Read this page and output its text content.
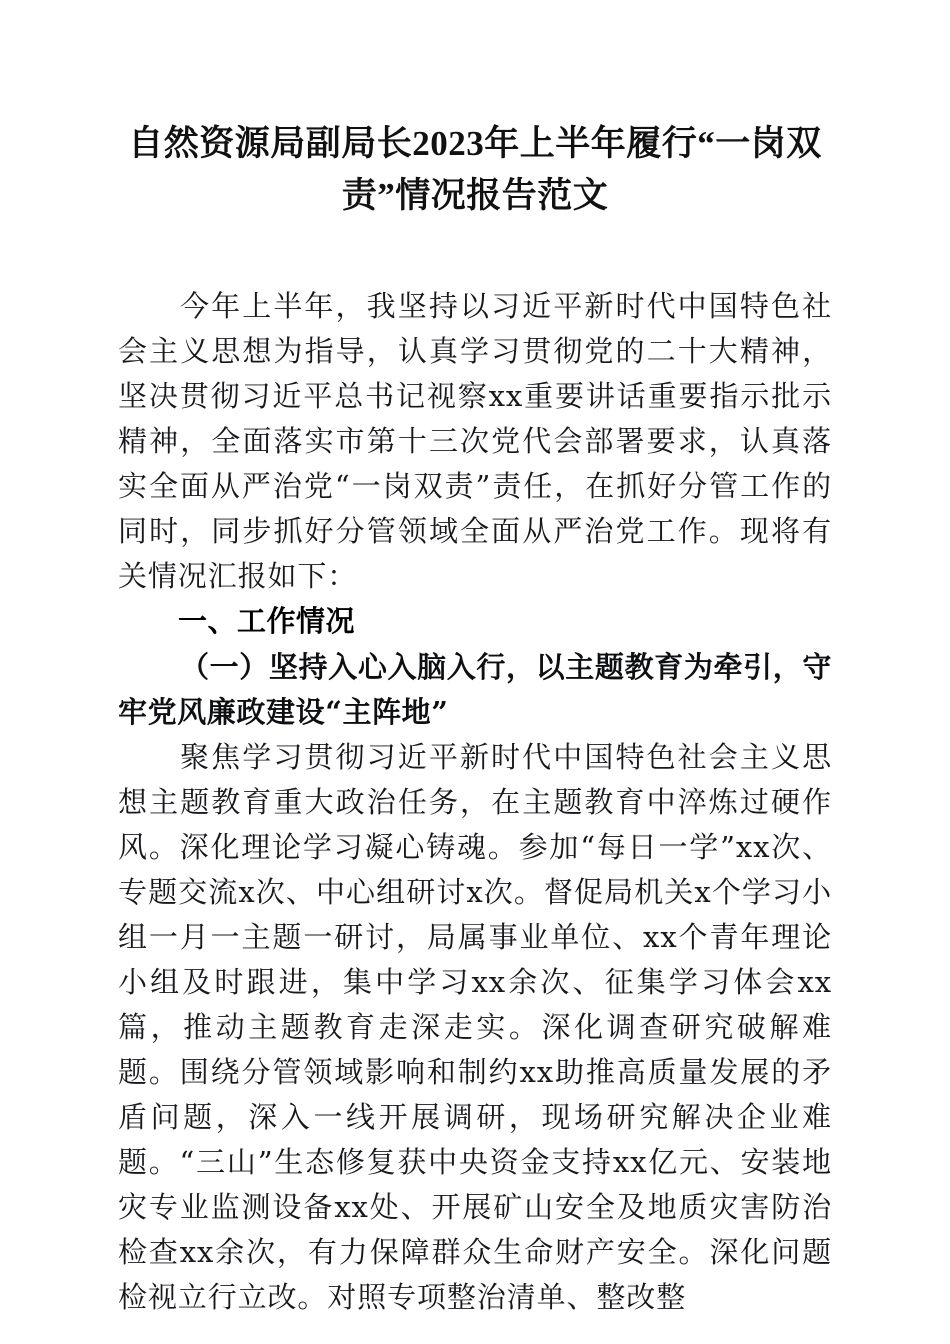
自然资源局副局长2023年上半年履行“一岗双责”情况报告范文

今年上半年，我坚持以习近平新时代中国特色社会主义思想为指导，认真学习贯彻党的二十大精神，坚决贯彻习近平总书记视察xx重要讲话重要指示批示精神，全面落实市第十三次党代会部署要求，认真落实全面从严治党“一岗双责”责任，在抓好分管工作的同时，同步抓好分管领域全面从严治党工作。现将有关情况汇报如下：

一、工作情况

（一）坚持入心入脑入行，以主题教育为牵引，守牢党风廉政建设“主阵地”

聚焦学习贯彻习近平新时代中国特色社会主义思想主题教育重大政治任务，在主题教育中淬炼过硬作风。深化理论学习凝心铸魂。参加“每日一学”xx次、专题交流x次、中心组研讨x次。督促局机关x个学习小组一月一主题一研讨，局属事业单位、xx个青年理论小组及时跟进，集中学习xx余次、征集学习体会xx篇，推动主题教育走深走实。深化调查研究破解难题。围绕分管领域影响和制约xx助推高质量发展的矛盾问题，深入一线开展调研，现场研究解决企业难题。“三山”生态修复获中央资金支持xx亿元、安装地灾专业监测设备xx处、开展矿山安全及地质灾害防治检查xx余次，有力保障群众生命财产安全。深化问题检视立行立改。对照专项整治清单、整改整
